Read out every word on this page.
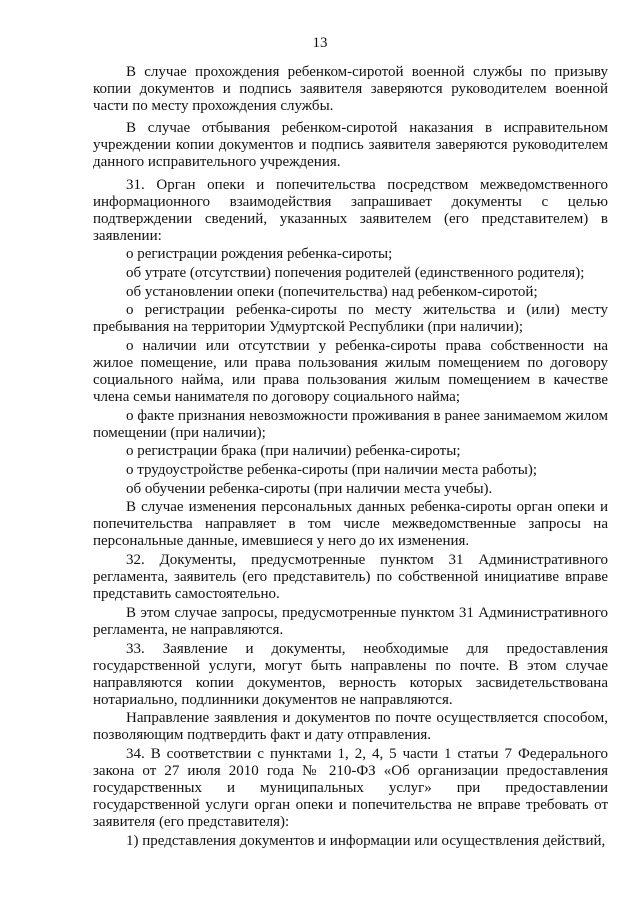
13

В случае прохождения ребенком-сиротой военной службы по призыву копии документов и подпись заявителя заверяются руководителем военной части по месту прохождения службы.

В случае отбывания ребенком-сиротой наказания в исправительном учреждении копии документов и подпись заявителя заверяются руководителем данного исправительного учреждения.

31. Орган опеки и попечительства посредством межведомственного информационного взаимодействия запрашивает документы с целью подтверждении сведений, указанных заявителем (его представителем) в заявлении:

о регистрации рождения ребенка-сироты;

об утрате (отсутствии) попечения родителей (единственного родителя);

об установлении опеки (попечительства) над ребенком-сиротой;

о регистрации ребенка-сироты по месту жительства и (или) месту пребывания на территории Удмуртской Республики (при наличии);

о наличии или отсутствии у ребенка-сироты права собственности на жилое помещение, или права пользования жилым помещением по договору социального найма, или права пользования жилым помещением в качестве члена семьи нанимателя по договору социального найма;

о факте признания невозможности проживания в ранее занимаемом жилом помещении (при наличии);

о регистрации брака (при наличии) ребенка-сироты;

о трудоустройстве ребенка-сироты (при наличии места работы);

об обучении ребенка-сироты (при наличии места учебы).

В случае изменения персональных данных ребенка-сироты орган опеки и попечительства направляет в том числе межведомственные запросы на персональные данные, имевшиеся у него до их изменения.

32. Документы, предусмотренные пунктом 31 Административного регламента, заявитель (его представитель) по собственной инициативе вправе представить самостоятельно.

В этом случае запросы, предусмотренные пунктом 31 Административного регламента, не направляются.

33. Заявление и документы, необходимые для предоставления государственной услуги, могут быть направлены по почте. В этом случае направляются копии документов, верность которых засвидетельствована нотариально, подлинники документов не направляются.

Направление заявления и документов по почте осуществляется способом, позволяющим подтвердить факт и дату отправления.

34. В соответствии с пунктами 1, 2, 4, 5 части 1 статьи 7 Федерального закона от 27 июля 2010 года № 210-ФЗ «Об организации предоставления государственных и муниципальных услуг» при предоставлении государственной услуги орган опеки и попечительства не вправе требовать от заявителя (его представителя):

1) представления документов и информации или осуществления действий,
